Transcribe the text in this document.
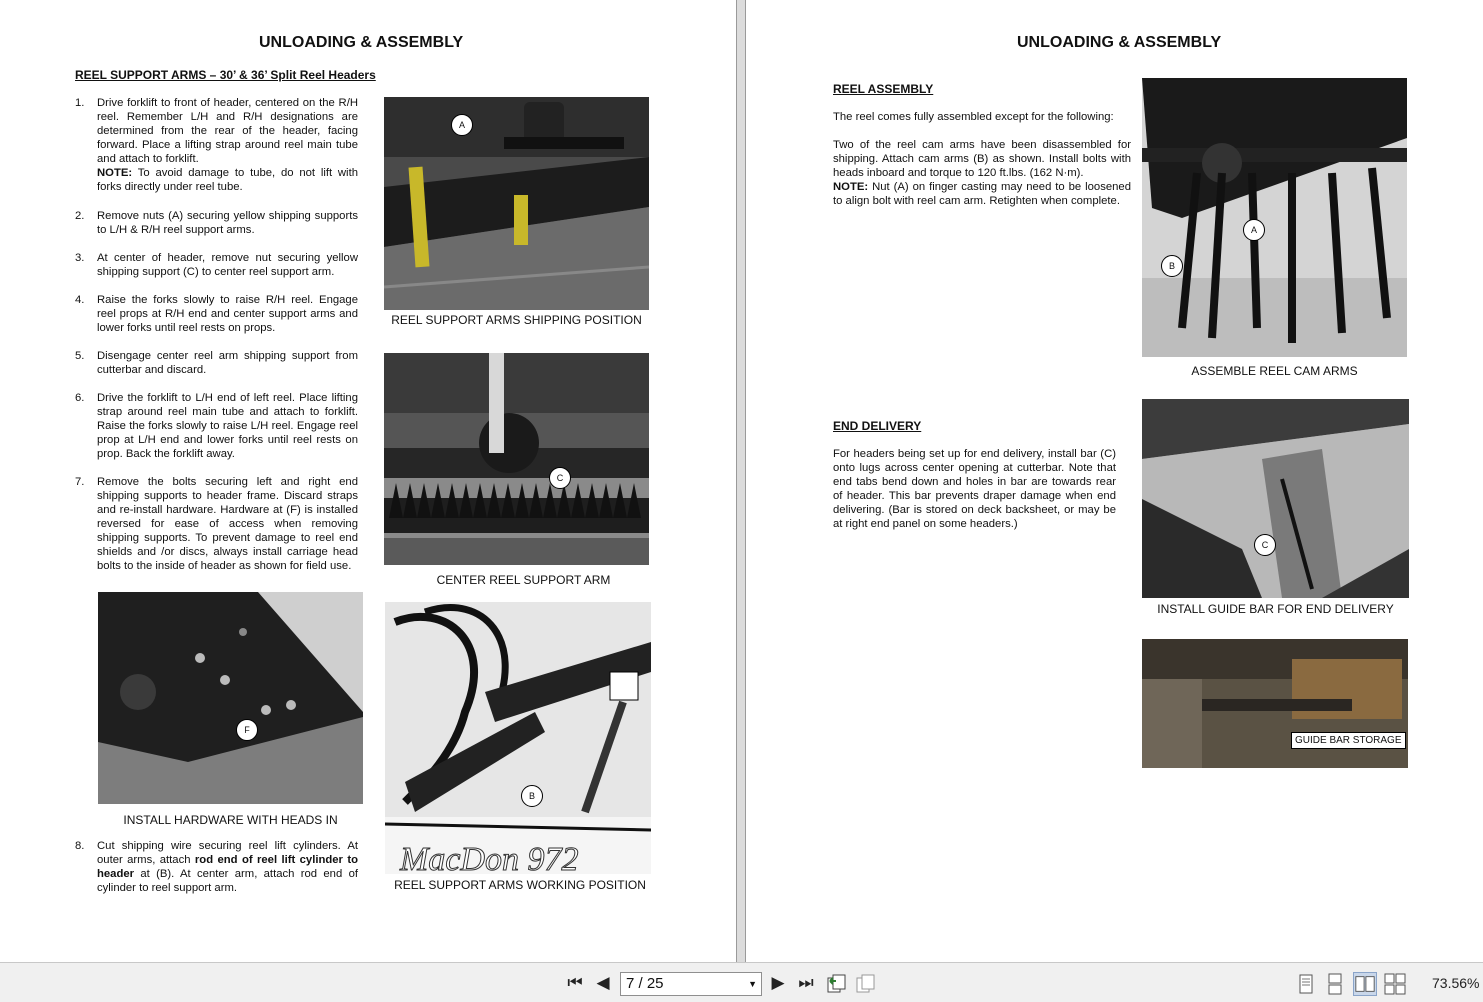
UNLOADING & ASSEMBLY
REEL SUPPORT ARMS – 30’ & 36’ Split Reel Headers
1. Drive forklift to front of header, centered on the R/H reel. Remember L/H and R/H designations are determined from the rear of the header, facing forward. Place a lifting strap around reel main tube and attach to forklift.
NOTE: To avoid damage to tube, do not lift with forks directly under reel tube.
2. Remove nuts (A) securing yellow shipping supports to L/H & R/H reel support arms.
3. At center of header, remove nut securing yellow shipping support (C) to center reel support arm.
4. Raise the forks slowly to raise R/H reel. Engage reel props at R/H end and center support arms and lower forks until reel rests on props.
5. Disengage center reel arm shipping support from cutterbar and discard.
6. Drive the forklift to L/H end of left reel. Place lifting strap around reel main tube and attach to forklift. Raise the forks slowly to raise L/H reel. Engage reel prop at L/H end and lower forks until reel rests on prop. Back the forklift away.
7. Remove the bolts securing left and right end shipping supports to header frame. Discard straps and re-install hardware. Hardware at (F) is installed reversed for ease of access when removing shipping supports. To prevent damage to reel end shields and /or discs, always install carriage head bolts to the inside of header as shown for field use.
8. Cut shipping wire securing reel lift cylinders. At outer arms, attach rod end of reel lift cylinder to header at (B). At center arm, attach rod end of cylinder to reel support arm.
A
REEL SUPPORT ARMS SHIPPING POSITION
C
CENTER REEL SUPPORT ARM
F
INSTALL HARDWARE WITH HEADS IN
MacDon 972
B
REEL SUPPORT ARMS WORKING POSITION
UNLOADING & ASSEMBLY
REEL ASSEMBLY
The reel comes fully assembled except for the following:
Two of the reel cam arms have been disassembled for shipping. Attach cam arms (B) as shown. Install bolts with heads inboard and torque to 120 ft.lbs. (162 N·m).
NOTE: Nut (A) on finger casting may need to be loosened to align bolt with reel cam arm. Retighten when complete.
END DELIVERY
For headers being set up for end delivery, install bar (C) onto lugs across center opening at cutterbar. Note that end tabs bend down and holes in bar are towards rear of header. This bar prevents draper damage when end delivering. (Bar is stored on deck backsheet, or may be at right end panel on some headers.)
A
B
ASSEMBLE REEL CAM ARMS
C
INSTALL GUIDE BAR FOR END DELIVERY
GUIDE BAR STORAGE
⏮ ◀	7 / 25	▼ ▶ ⏭	73.56%
